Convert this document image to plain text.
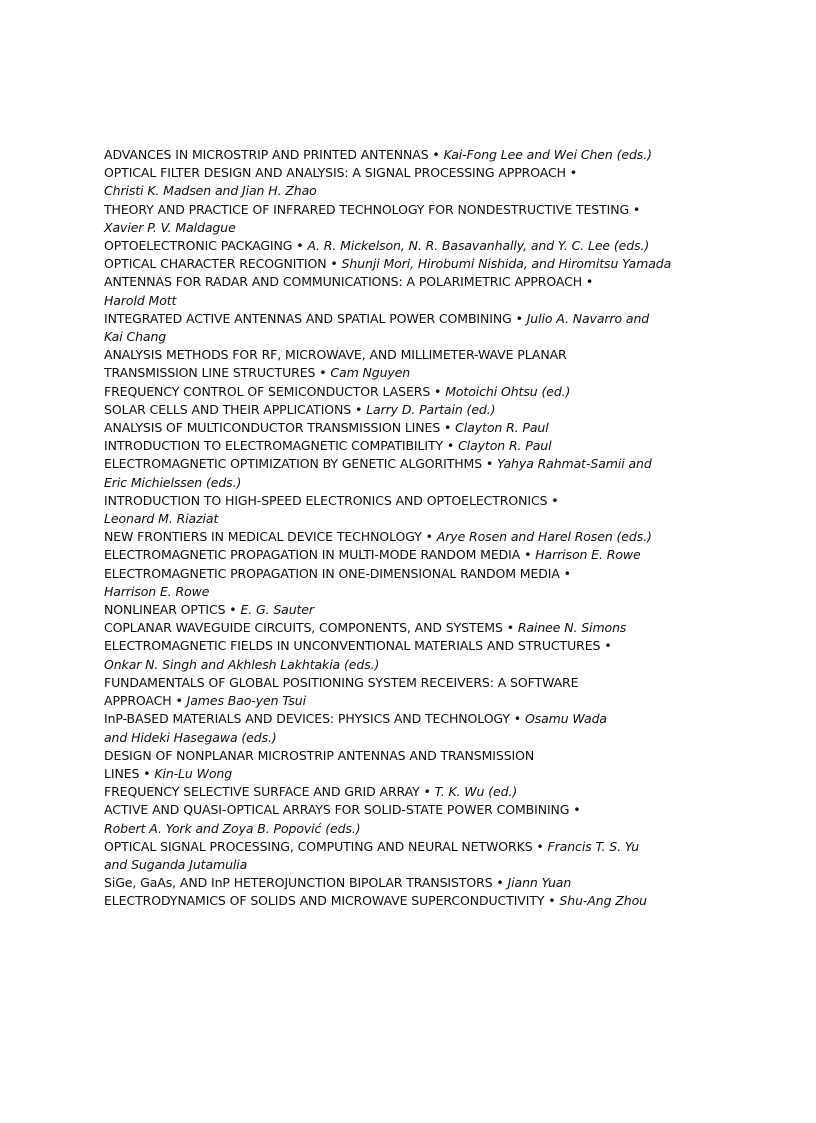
ADVANCES IN MICROSTRIP AND PRINTED ANTENNAS • Kai-Fong Lee and Wei Chen (eds.)
OPTICAL FILTER DESIGN AND ANALYSIS: A SIGNAL PROCESSING APPROACH •
Christi K. Madsen and Jian H. Zhao
THEORY AND PRACTICE OF INFRARED TECHNOLOGY FOR NONDESTRUCTIVE TESTING •
Xavier P. V. Maldague
OPTOELECTRONIC PACKAGING • A. R. Mickelson, N. R. Basavanhally, and Y. C. Lee (eds.)
OPTICAL CHARACTER RECOGNITION • Shunji Mori, Hirobumi Nishida, and Hiromitsu Yamada
ANTENNAS FOR RADAR AND COMMUNICATIONS: A POLARIMETRIC APPROACH •
Harold Mott
INTEGRATED ACTIVE ANTENNAS AND SPATIAL POWER COMBINING • Julio A. Navarro and
Kai Chang
ANALYSIS METHODS FOR RF, MICROWAVE, AND MILLIMETER-WAVE PLANAR
TRANSMISSION LINE STRUCTURES • Cam Nguyen
FREQUENCY CONTROL OF SEMICONDUCTOR LASERS • Motoichi Ohtsu (ed.)
SOLAR CELLS AND THEIR APPLICATIONS • Larry D. Partain (ed.)
ANALYSIS OF MULTICONDUCTOR TRANSMISSION LINES • Clayton R. Paul
INTRODUCTION TO ELECTROMAGNETIC COMPATIBILITY • Clayton R. Paul
ELECTROMAGNETIC OPTIMIZATION BY GENETIC ALGORITHMS • Yahya Rahmat-Samii and
Eric Michielssen (eds.)
INTRODUCTION TO HIGH-SPEED ELECTRONICS AND OPTOELECTRONICS •
Leonard M. Riaziat
NEW FRONTIERS IN MEDICAL DEVICE TECHNOLOGY • Arye Rosen and Harel Rosen (eds.)
ELECTROMAGNETIC PROPAGATION IN MULTI-MODE RANDOM MEDIA • Harrison E. Rowe
ELECTROMAGNETIC PROPAGATION IN ONE-DIMENSIONAL RANDOM MEDIA •
Harrison E. Rowe
NONLINEAR OPTICS • E. G. Sauter
COPLANAR WAVEGUIDE CIRCUITS, COMPONENTS, AND SYSTEMS • Rainee N. Simons
ELECTROMAGNETIC FIELDS IN UNCONVENTIONAL MATERIALS AND STRUCTURES •
Onkar N. Singh and Akhlesh Lakhtakia (eds.)
FUNDAMENTALS OF GLOBAL POSITIONING SYSTEM RECEIVERS: A SOFTWARE
APPROACH • James Bao-yen Tsui
InP-BASED MATERIALS AND DEVICES: PHYSICS AND TECHNOLOGY • Osamu Wada
and Hideki Hasegawa (eds.)
DESIGN OF NONPLANAR MICROSTRIP ANTENNAS AND TRANSMISSION
LINES • Kin-Lu Wong
FREQUENCY SELECTIVE SURFACE AND GRID ARRAY • T. K. Wu (ed.)
ACTIVE AND QUASI-OPTICAL ARRAYS FOR SOLID-STATE POWER COMBINING •
Robert A. York and Zoya B. Popović (eds.)
OPTICAL SIGNAL PROCESSING, COMPUTING AND NEURAL NETWORKS • Francis T. S. Yu
and Suganda Jutamulia
SiGe, GaAs, AND InP HETEROJUNCTION BIPOLAR TRANSISTORS • Jiann Yuan
ELECTRODYNAMICS OF SOLIDS AND MICROWAVE SUPERCONDUCTIVITY • Shu-Ang Zhou
